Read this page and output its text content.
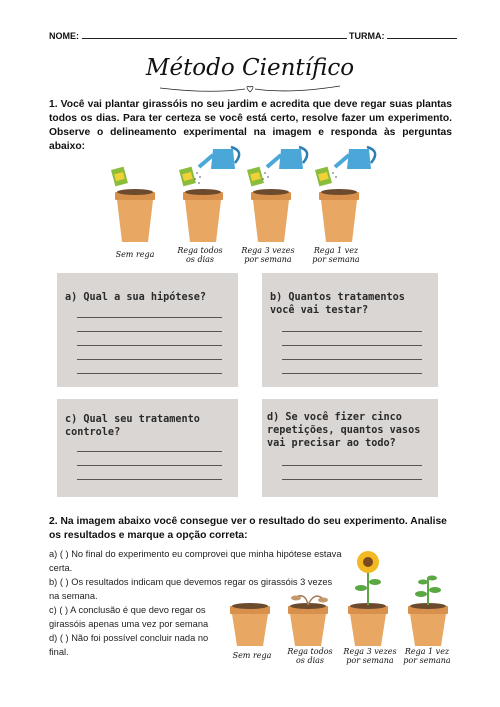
NOME:	TURMA:
Método Científico
1. Você vai plantar girassóis no seu jardim e acredita que deve regar suas plantas todos os dias. Para ter certeza se você está certo, resolve fazer um experimento. Observe o delineamento experimental na imagem e responda às perguntas abaixo:
Sem rega	Rega todos os dias
Rega 3 vezes por semana
Rega 1 vez por semana
a) Qual a sua hipótese?	b) Quantos tratamentos você vai testar?
c) Qual seu tratamento controle?
d) Se você fizer cinco repetições, quantos vasos vai precisar ao todo?
2. Na imagem abaixo você consegue ver o resultado do seu experimento. Analise os resultados e marque a opção correta:
a) ( ) No final do experimento eu comprovei que minha hipótese estava certa.
b) ( ) Os resultados indicam que devemos regar os girassóis 3 vezes na semana.
c) ( ) A conclusão é que devo regar os girassóis apenas uma vez por semana
d) ( ) Não foi possível concluir nada no final.	Sem rega	Rega todos os dias
Rega 3 vezes por semana
Rega 1 vez por semana
